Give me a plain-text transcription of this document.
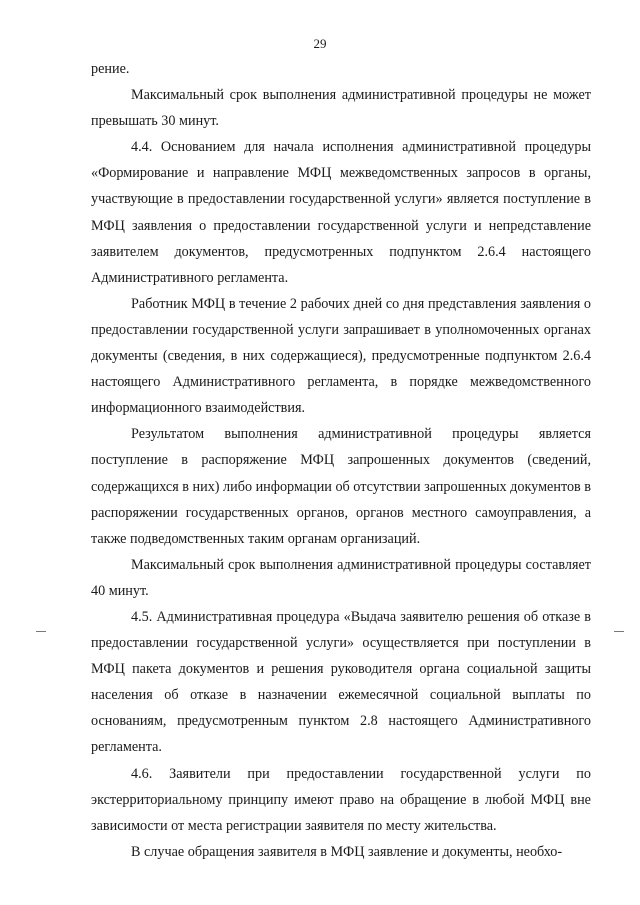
29

рение.

Максимальный срок выполнения административной процедуры не может превышать 30 минут.

4.4. Основанием для начала исполнения административной процедуры «Формирование и направление МФЦ межведомственных запросов в органы, участвующие в предоставлении государственной услуги» является поступление в МФЦ заявления о предоставлении государственной услуги и непредставление заявителем документов, предусмотренных подпунктом 2.6.4 настоящего Административного регламента.

Работник МФЦ в течение 2 рабочих дней со дня представления заявления о предоставлении государственной услуги запрашивает в уполномоченных органах документы (сведения, в них содержащиеся), предусмотренные подпунктом 2.6.4 настоящего Административного регламента, в порядке межведомственного информационного взаимодействия.

Результатом выполнения административной процедуры является поступление в распоряжение МФЦ запрошенных документов (сведений, содержащихся в них) либо информации об отсутствии запрошенных документов в распоряжении государственных органов, органов местного самоуправления, а также подведомственных таким органам организаций.

Максимальный срок выполнения административной процедуры составляет 40 минут.

4.5. Административная процедура «Выдача заявителю решения об отказе в предоставлении государственной услуги» осуществляется при поступлении в МФЦ пакета документов и решения руководителя органа социальной защиты населения об отказе в назначении ежемесячной социальной выплаты по основаниям, предусмотренным пунктом 2.8 настоящего Административного регламента.

4.6. Заявители при предоставлении государственной услуги по экстерриториальному принципу имеют право на обращение в любой МФЦ вне зависимости от места регистрации заявителя по месту жительства.

В случае обращения заявителя в МФЦ заявление и документы, необхо-
